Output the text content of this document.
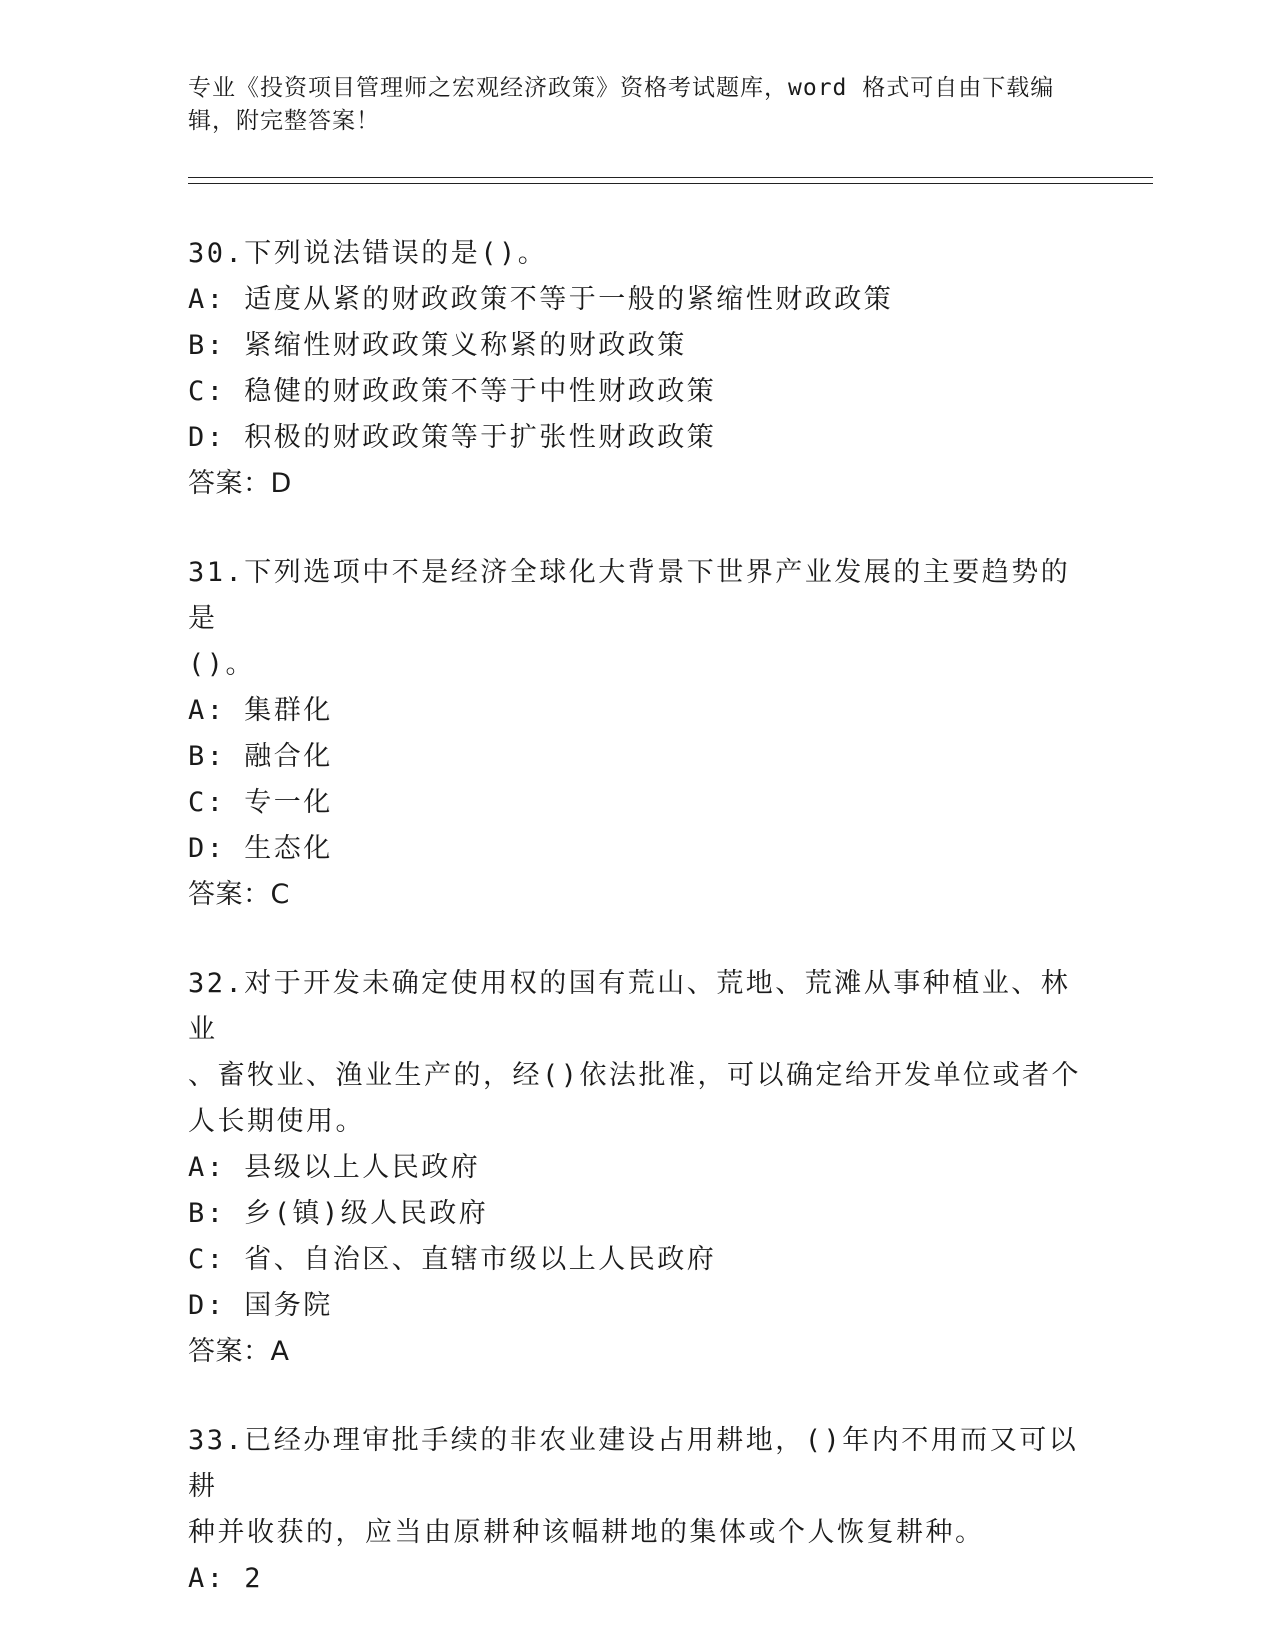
专业《投资项目管理师之宏观经济政策》资格考试题库，word 格式可自由下载编
辑，附完整答案！
30.下列说法错误的是()。
A: 适度从紧的财政政策不等于一般的紧缩性财政政策
B: 紧缩性财政政策义称紧的财政政策
C: 稳健的财政政策不等于中性财政政策
D: 积极的财政政策等于扩张性财政政策
答案：D
31.下列选项中不是经济全球化大背景下世界产业发展的主要趋势的是
()。
A: 集群化
B: 融合化
C: 专一化
D: 生态化
答案：C
32.对于开发未确定使用权的国有荒山、荒地、荒滩从事种植业、林业
、畜牧业、渔业生产的，经()依法批准，可以确定给开发单位或者个
人长期使用。
A: 县级以上人民政府
B: 乡(镇)级人民政府
C: 省、自治区、直辖市级以上人民政府
D: 国务院
答案：A
33.已经办理审批手续的非农业建设占用耕地，()年内不用而又可以耕
种并收获的，应当由原耕种该幅耕地的集体或个人恢复耕种。
A: 2
